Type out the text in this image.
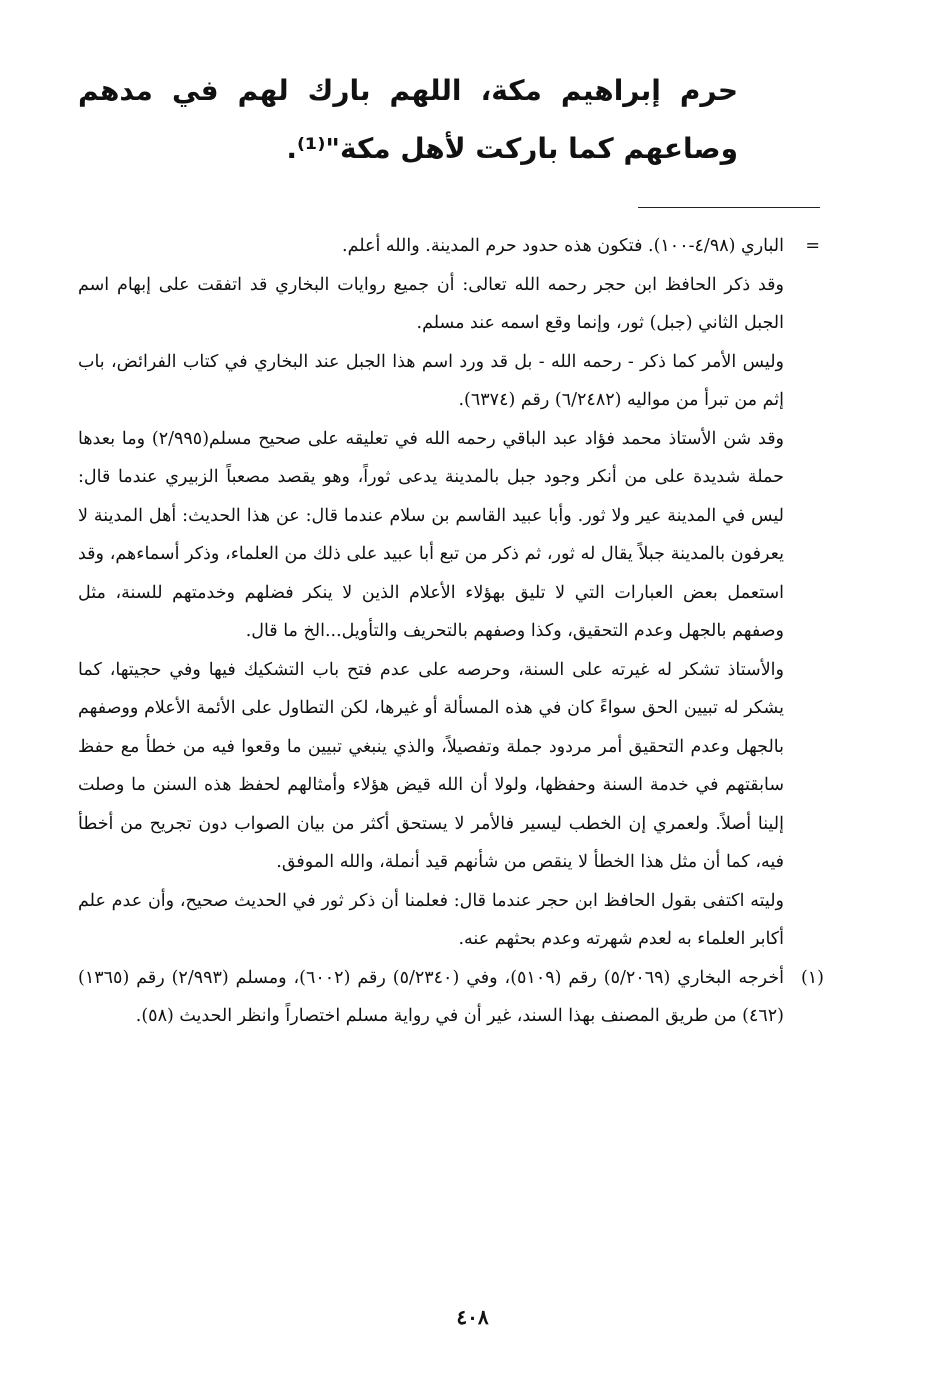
حرم إبراهيم مكة، اللهم بارك لهم في مدهم وصاعهم كما باركت لأهل مكة"⁽¹⁾.

=
الباري (٤/٩٨-١٠٠). فتكون هذه حدود حرم المدينة. والله أعلم.

وقد ذكر الحافظ ابن حجر رحمه الله تعالى: أن جميع روايات البخاري قد اتفقت على إبهام اسم الجبل الثاني (جبل) ثور، وإنما وقع اسمه عند مسلم.

وليس الأمر كما ذكر - رحمه الله - بل قد ورد اسم هذا الجبل عند البخاري في كتاب الفرائض، باب إثم من تبرأ من مواليه (٦/٢٤٨٢) رقم (٦٣٧٤).

وقد شن الأستاذ محمد فؤاد عبد الباقي رحمه الله في تعليقه على صحيح مسلم(٢/٩٩٥) وما بعدها حملة شديدة على من أنكر وجود جبل بالمدينة يدعى ثوراً، وهو يقصد مصعباً الزبيري عندما قال: ليس في المدينة عير ولا ثور. وأبا عبيد القاسم بن سلام عندما قال: عن هذا الحديث: أهل المدينة لا يعرفون بالمدينة جبلاً يقال له ثور، ثم ذكر من تبع أبا عبيد على ذلك من العلماء، وذكر أسماءهم، وقد استعمل بعض العبارات التي لا تليق بهؤلاء الأعلام الذين لا ينكر فضلهم وخدمتهم للسنة، مثل وصفهم بالجهل وعدم التحقيق، وكذا وصفهم بالتحريف والتأويل...الخ ما قال.

والأستاذ تشكر له غيرته على السنة، وحرصه على عدم فتح باب التشكيك فيها وفي حجيتها، كما يشكر له تبيين الحق سواءً كان في هذه المسألة أو غيرها، لكن التطاول على الأئمة الأعلام ووصفهم بالجهل وعدم التحقيق أمر مردود جملة وتفصيلاً، والذي ينبغي تبيين ما وقعوا فيه من خطأ مع حفظ سابقتهم في خدمة السنة وحفظها، ولولا أن الله قيض هؤلاء وأمثالهم لحفظ هذه السنن ما وصلت إلينا أصلاً. ولعمري إن الخطب ليسير فالأمر لا يستحق أكثر من بيان الصواب دون تجريح من أخطأ فيه، كما أن مثل هذا الخطأ لا ينقص من شأنهم قيد أنملة، والله الموفق.

وليته اكتفى بقول الحافظ ابن حجر عندما قال: فعلمنا أن ذكر ثور في الحديث صحيح، وأن عدم علم أكابر العلماء به لعدم شهرته وعدم بحثهم عنه.

(١)
أخرجه البخاري (٥/٢٠٦٩) رقم (٥١٠٩)، وفي (٥/٢٣٤٠) رقم (٦٠٠٢)، ومسلم (٢/٩٩٣) رقم (١٣٦٥) (٤٦٢) من طريق المصنف بهذا السند، غير أن في رواية مسلم اختصاراً وانظر الحديث (٥٨).

٤٠٨
